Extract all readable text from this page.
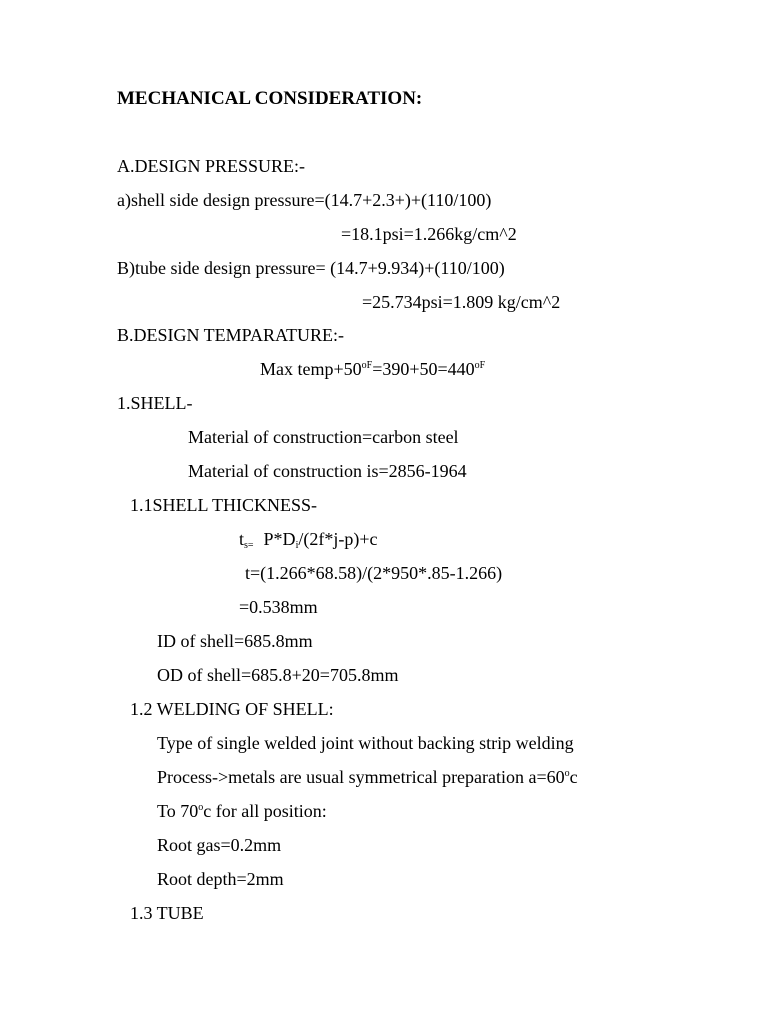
MECHANICAL CONSIDERATION:
A.DESIGN PRESSURE:-
a)shell side design pressure=(14.7+2.3+)+(110/100)
=18.1psi=1.266kg/cm^2
B)tube side design pressure= (14.7+9.934)+(110/100)
=25.734psi=1.809 kg/cm^2
B.DESIGN TEMPARATURE:-
Max $temp+50^{oF}=390+50=440^{oF}$
1.SHELL-
Material of construction=carbon steel
Material of construction is=2856-1964
1.1SHELL THICKNESS-
$t_{s=}$ $P*D_i/(2f*j-p)+c$
t=(1.266*68.58)/(2*950*.85-1.266)
=0.538mm
ID of shell=685.8mm
OD of shell=685.8+20=705.8mm
1.2 WELDING OF SHELL:
Type of single welded joint without backing strip welding
Process->metals are usual symmetrical preparation $a=60^oc$
To 70$^o$c for all position:
Root gas=0.2mm
Root depth=2mm
1.3 TUBE
